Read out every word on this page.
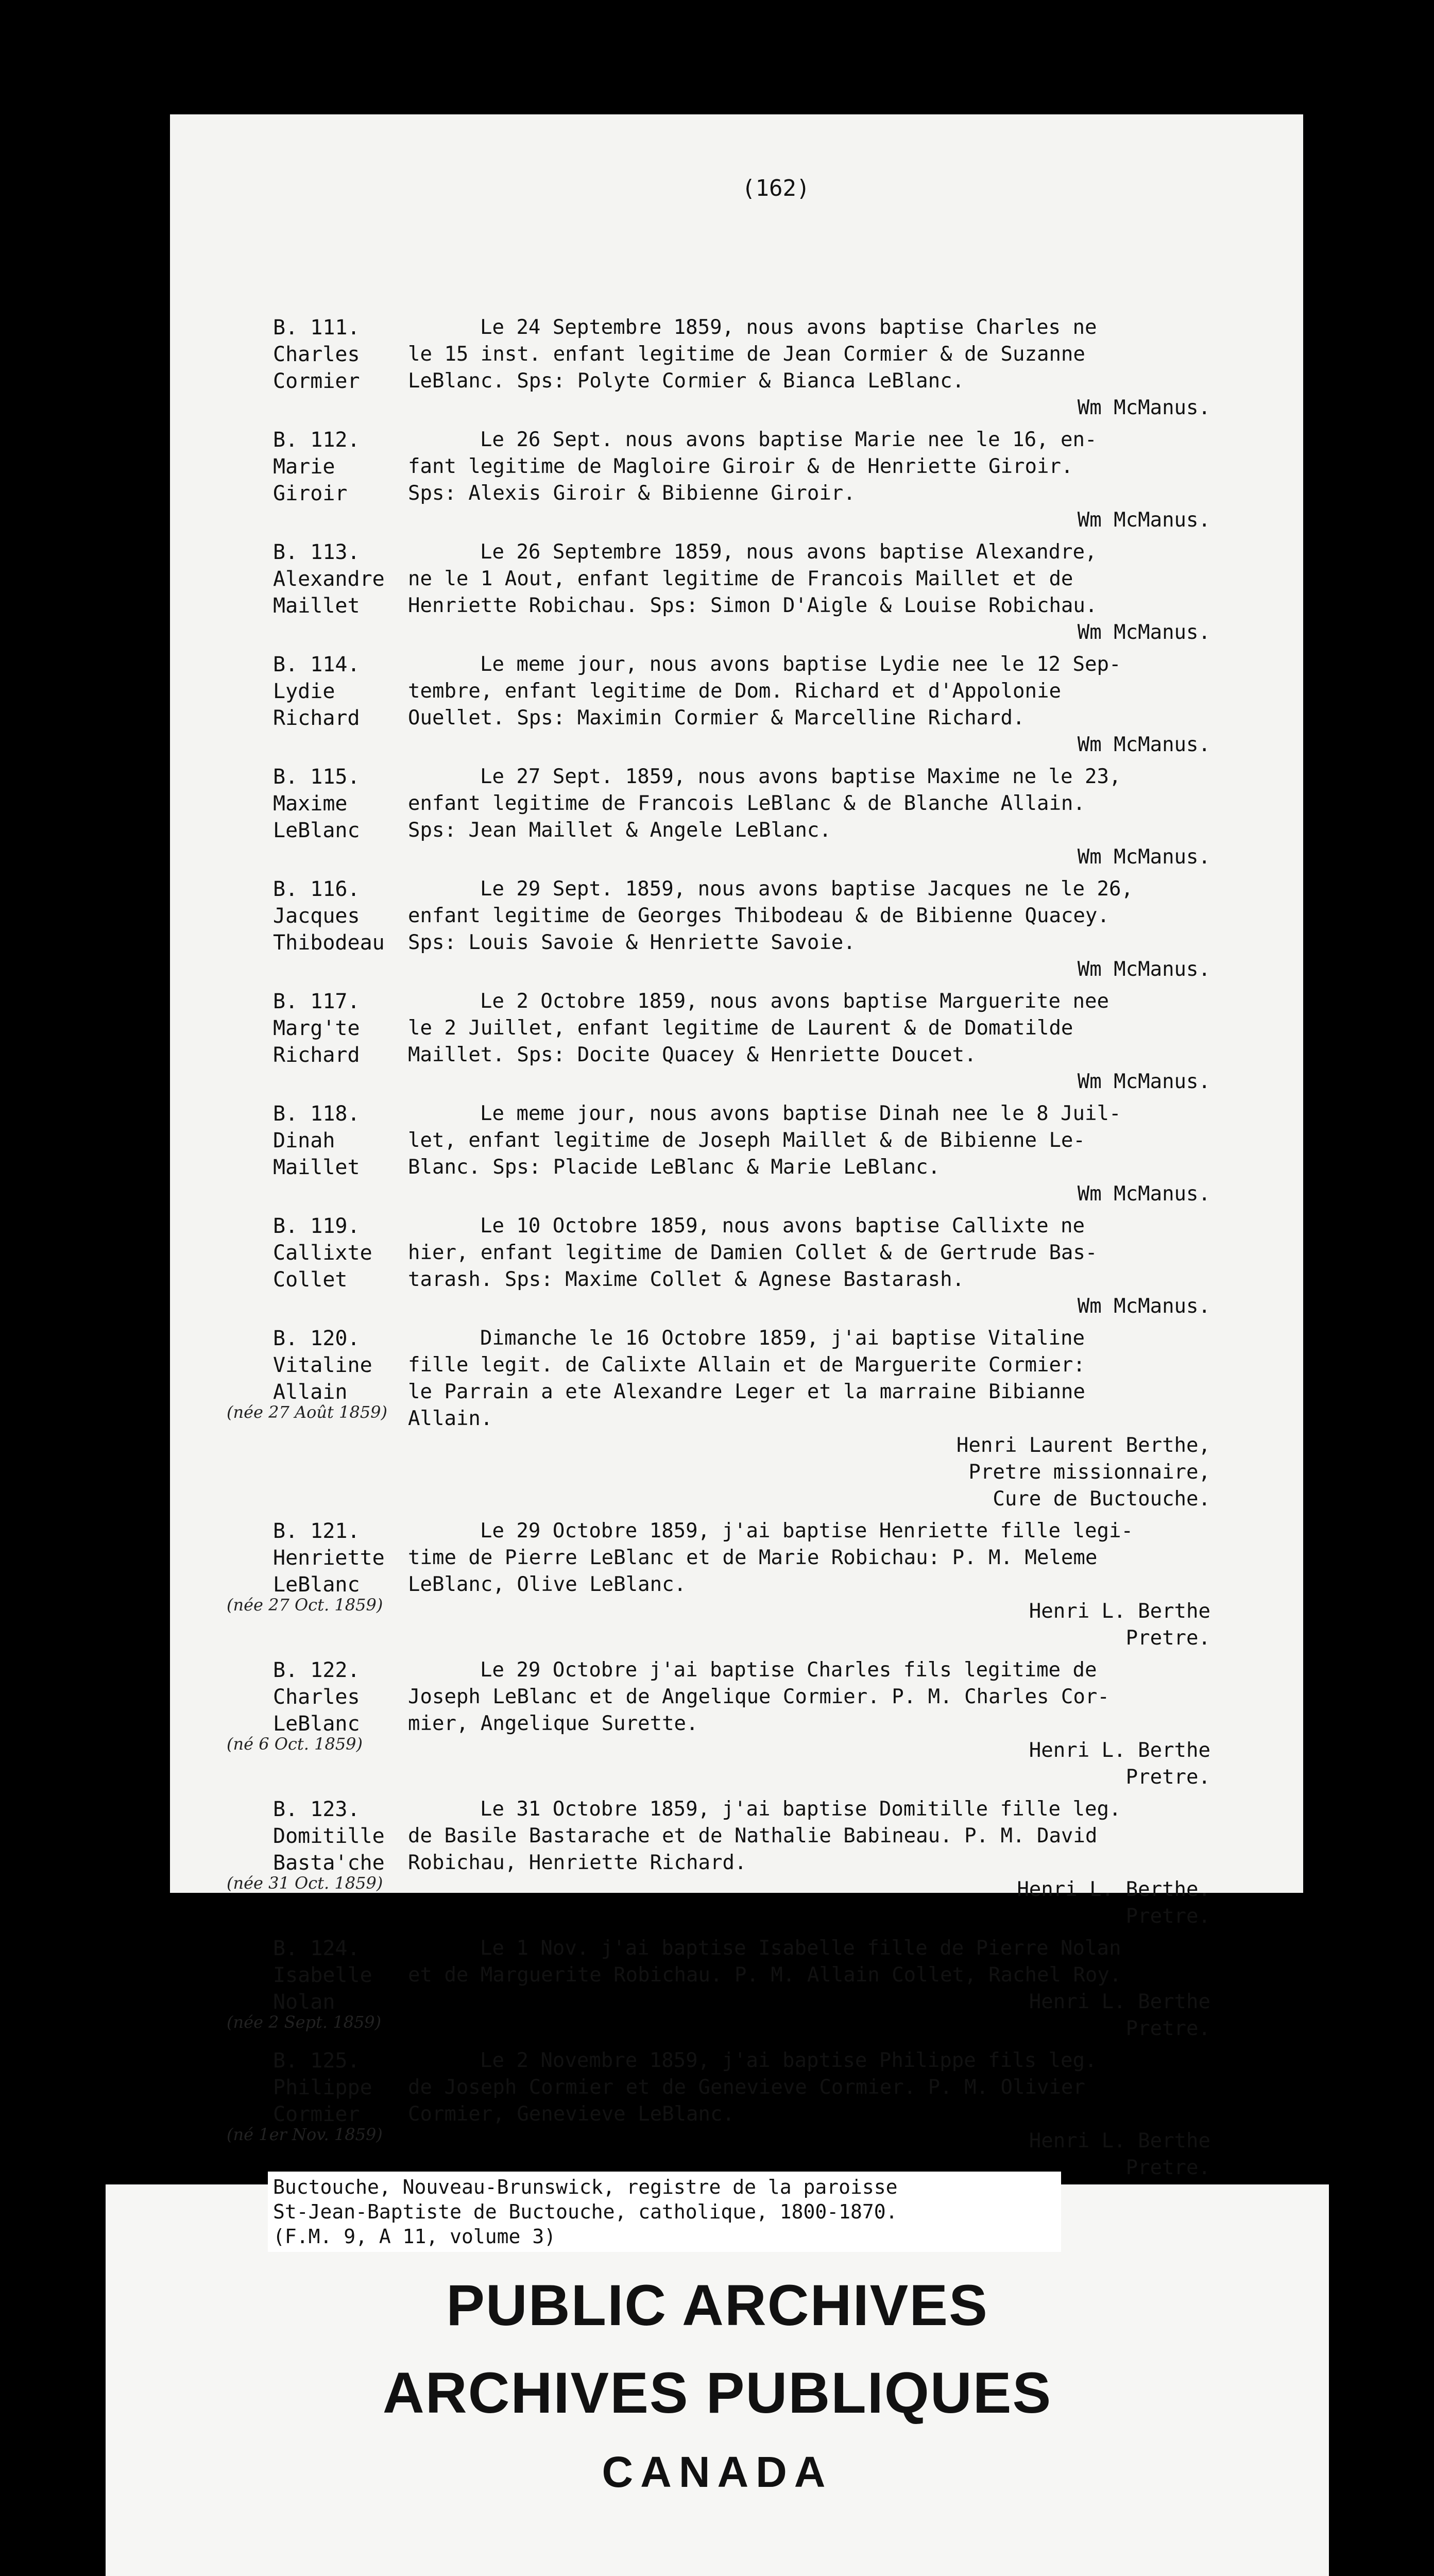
(162)
B. 111.
Charles
Cormier
Le 24 Septembre 1859, nous avons baptise Charles ne
le 15 inst. enfant legitime de Jean Cormier & de Suzanne
LeBlanc. Sps: Polyte Cormier & Bianca LeBlanc.
Wm McManus.
B. 112.
Marie
Giroir
Le 26 Sept. nous avons baptise Marie nee le 16, en-
fant legitime de Magloire Giroir & de Henriette Giroir.
Sps: Alexis Giroir & Bibienne Giroir.
Wm McManus.
B. 113.
Alexandre
Maillet
Le 26 Septembre 1859, nous avons baptise Alexandre,
ne le 1 Aout, enfant legitime de Francois Maillet et de
Henriette Robichau. Sps: Simon D'Aigle & Louise Robichau.
Wm McManus.
B. 114.
Lydie
Richard
Le meme jour, nous avons baptise Lydie nee le 12 Sep-
tembre, enfant legitime de Dom. Richard et d'Appolonie
Ouellet. Sps: Maximin Cormier & Marcelline Richard.
Wm McManus.
B. 115.
Maxime
LeBlanc
Le 27 Sept. 1859, nous avons baptise Maxime ne le 23,
enfant legitime de Francois LeBlanc & de Blanche Allain.
Sps: Jean Maillet & Angele LeBlanc.
Wm McManus.
B. 116.
Jacques
Thibodeau
Le 29 Sept. 1859, nous avons baptise Jacques ne le 26,
enfant legitime de Georges Thibodeau & de Bibienne Quacey.
Sps: Louis Savoie & Henriette Savoie.
Wm McManus.
B. 117.
Marg'te
Richard
Le 2 Octobre 1859, nous avons baptise Marguerite nee
le 2 Juillet, enfant legitime de Laurent & de Domatilde
Maillet. Sps: Docite Quacey & Henriette Doucet.
Wm McManus.
B. 118.
Dinah
Maillet
Le meme jour, nous avons baptise Dinah nee le 8 Juil-
let, enfant legitime de Joseph Maillet & de Bibienne Le-
Blanc. Sps: Placide LeBlanc & Marie LeBlanc.
Wm McManus.
B. 119.
Callixte
Collet
Le 10 Octobre 1859, nous avons baptise Callixte ne
hier, enfant legitime de Damien Collet & de Gertrude Bas-
tarash. Sps: Maxime Collet & Agnese Bastarash.
Wm McManus.
B. 120.
Vitaline
Allain
Dimanche le 16 Octobre 1859, j'ai baptise Vitaline
fille legit. de Calixte Allain et de Marguerite Cormier:
le Parrain a ete Alexandre Leger et la marraine Bibianne
Allain.
Henri Laurent Berthe,
Pretre missionnaire,
Cure de Buctouche.
(née 27 Août 1859)
B. 121.
Henriette
LeBlanc
Le 29 Octobre 1859, j'ai baptise Henriette fille legi-
time de Pierre LeBlanc et de Marie Robichau: P. M. Meleme
LeBlanc, Olive LeBlanc.
Henri L. Berthe
Pretre.
(née 27 Oct. 1859)
B. 122.
Charles
LeBlanc
Le 29 Octobre j'ai baptise Charles fils legitime de
Joseph LeBlanc et de Angelique Cormier. P. M. Charles Cor-
mier, Angelique Surette.
Henri L. Berthe
Pretre.
(né 6 Oct. 1859)
B. 123.
Domitille
Basta'che
Le 31 Octobre 1859, j'ai baptise Domitille fille leg.
de Basile Bastarache et de Nathalie Babineau. P. M. David
Robichau, Henriette Richard.
Henri L. Berthe.
Pretre.
(née 31 Oct. 1859)
B. 124.
Isabelle
Nolan
Le 1 Nov. j'ai baptise Isabelle fille de Pierre Nolan
et de Marguerite Robichau. P. M. Allain Collet, Rachel Roy.
Henri L. Berthe
Pretre.
(née 2 Sept. 1859)
B. 125.
Philippe
Cormier
Le 2 Novembre 1859, j'ai baptise Philippe fils leg.
de Joseph Cormier et de Genevieve Cormier. P. M. Olivier
Cormier, Genevieve LeBlanc.
Henri L. Berthe
Pretre.
(né 1er Nov. 1859)
Buctouche, Nouveau-Brunswick, registre de la paroisse
St-Jean-Baptiste de Buctouche, catholique, 1800-1870.
(F.M. 9, A 11, volume 3)
PUBLIC ARCHIVES
ARCHIVES PUBLIQUES
CANADA
